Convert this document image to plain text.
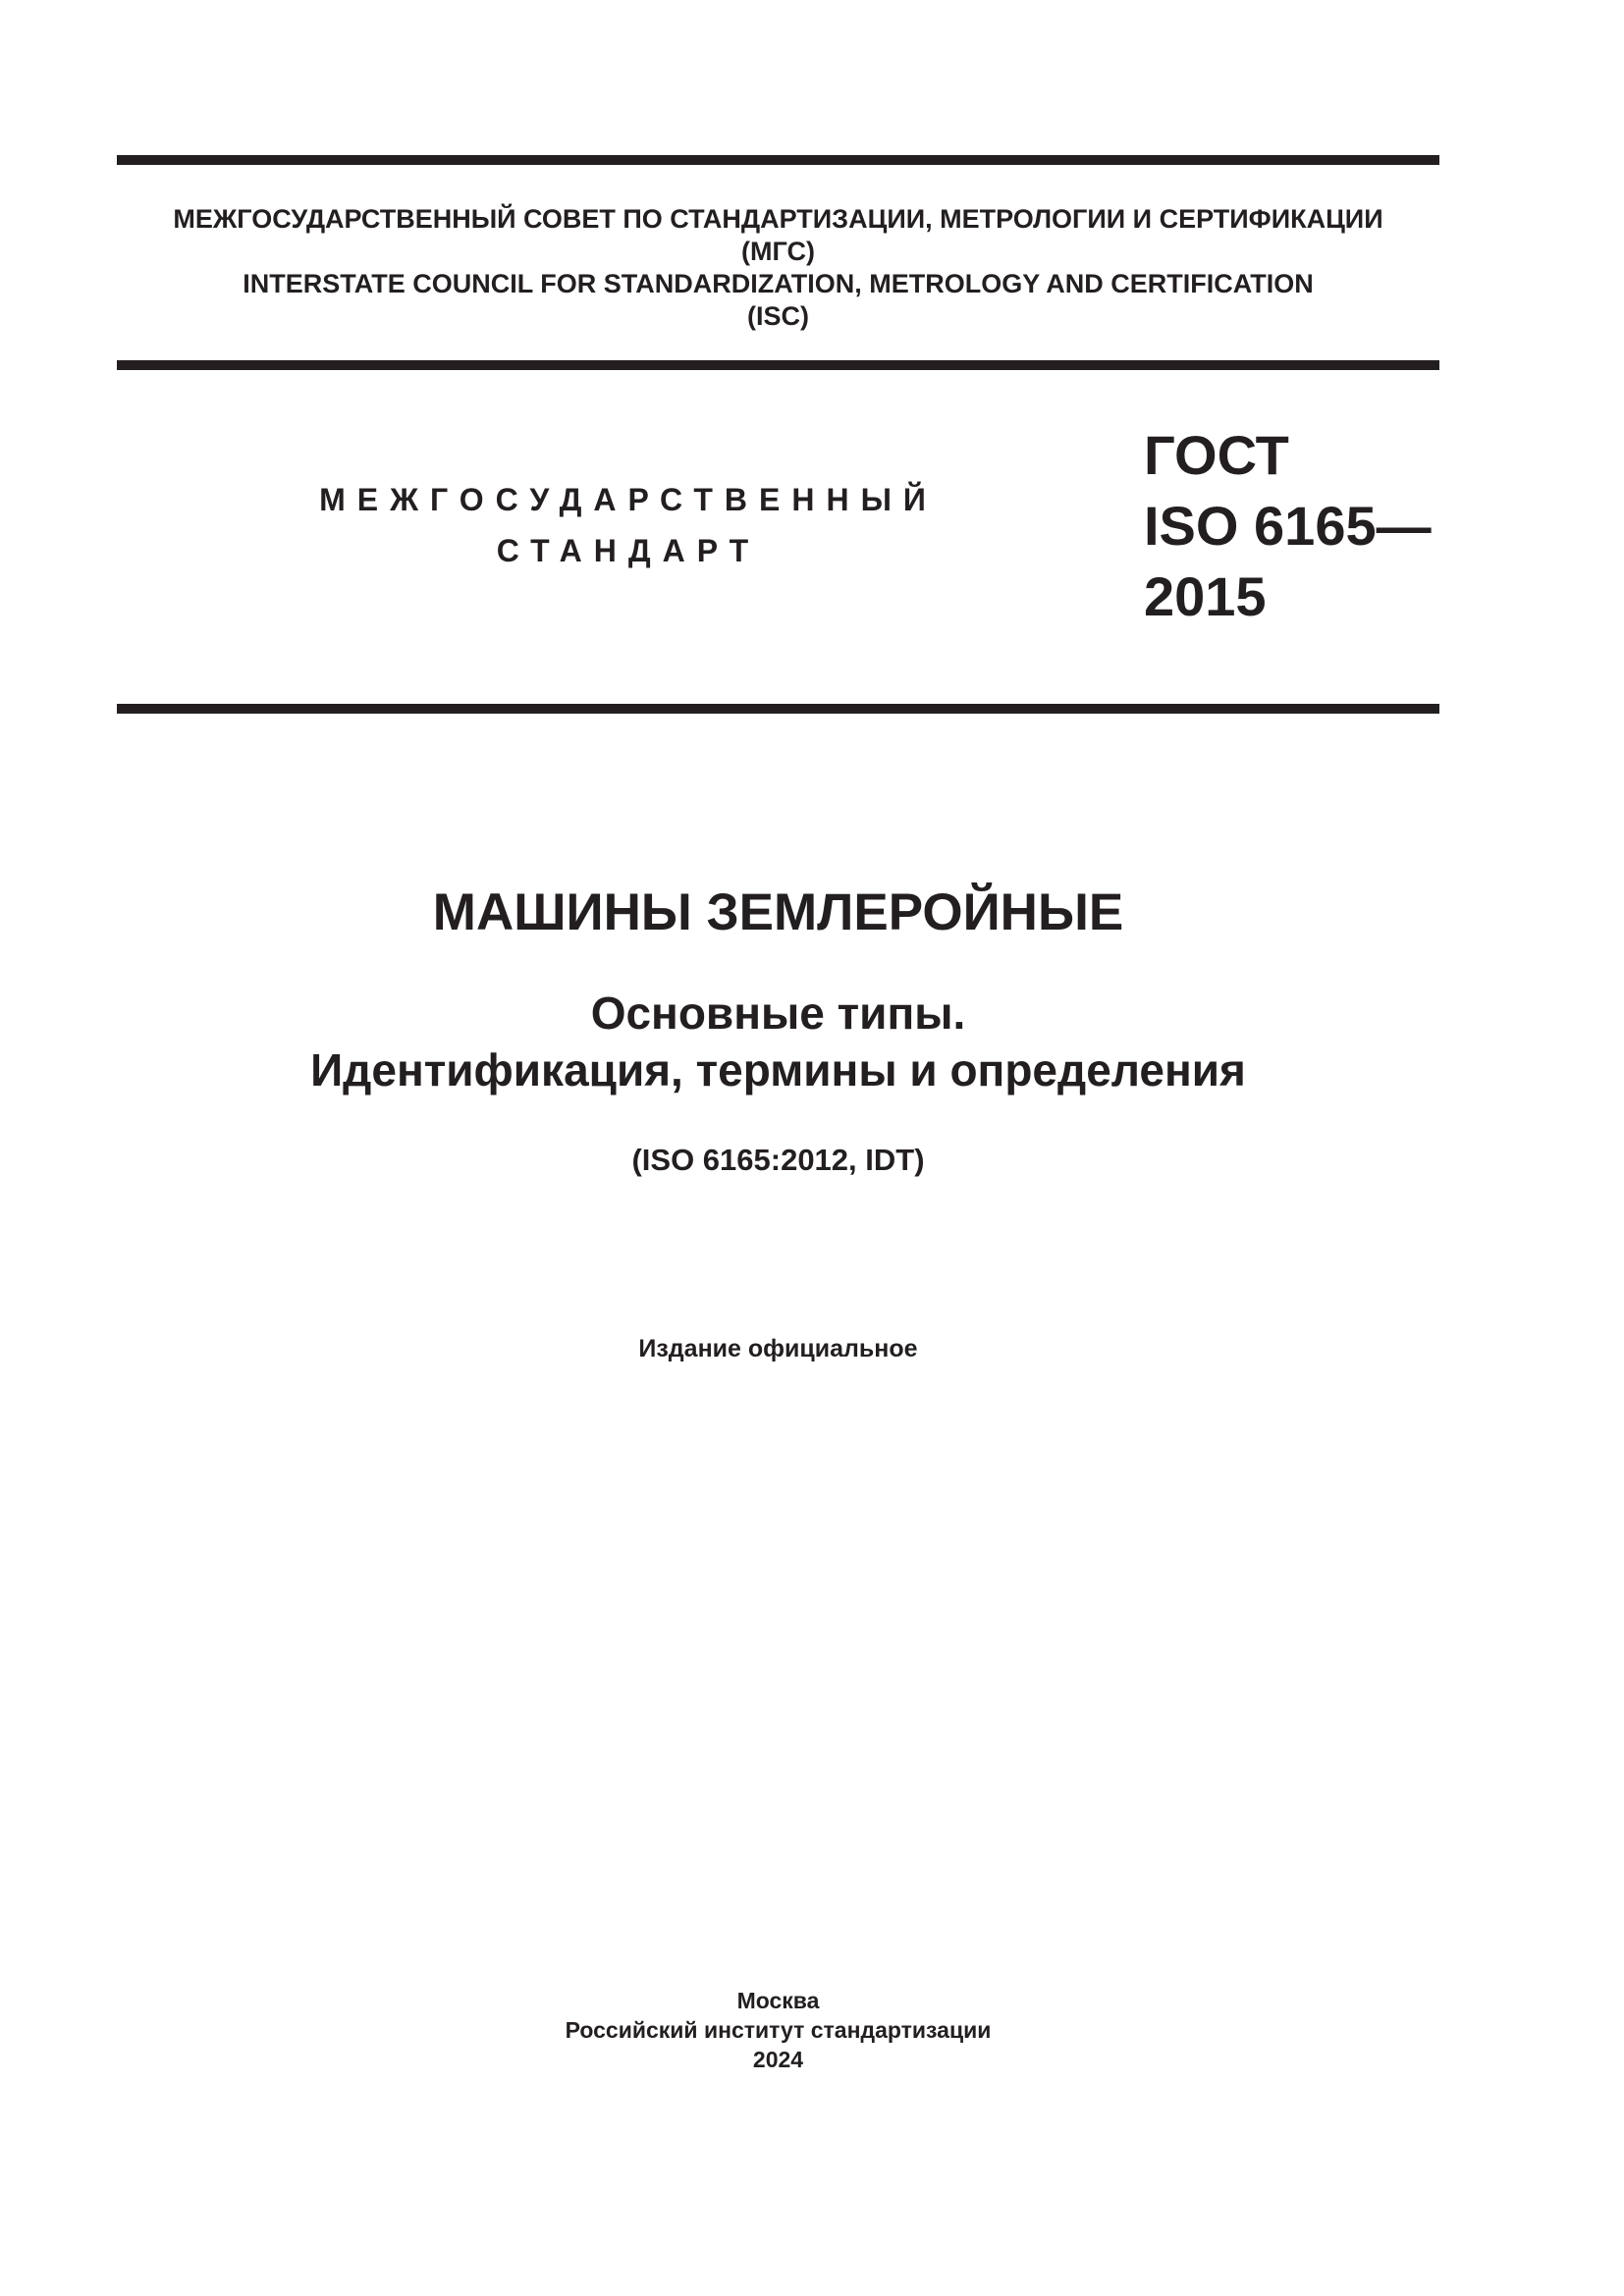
МЕЖГОСУДАРСТВЕННЫЙ СОВЕТ ПО СТАНДАРТИЗАЦИИ, МЕТРОЛОГИИ И СЕРТИФИКАЦИИ
(МГС)
INTERSTATE COUNCIL FOR STANDARDIZATION, METROLOGY AND CERTIFICATION
(ISC)
МЕЖГОСУДАРСТВЕННЫЙ
СТАНДАРТ
ГОСТ
ISO 6165—
2015
МАШИНЫ ЗЕМЛЕРОЙНЫЕ
Основные типы.
Идентификация, термины и определения
(ISO 6165:2012, IDT)
Издание официальное
Москва
Российский институт стандартизации
2024
